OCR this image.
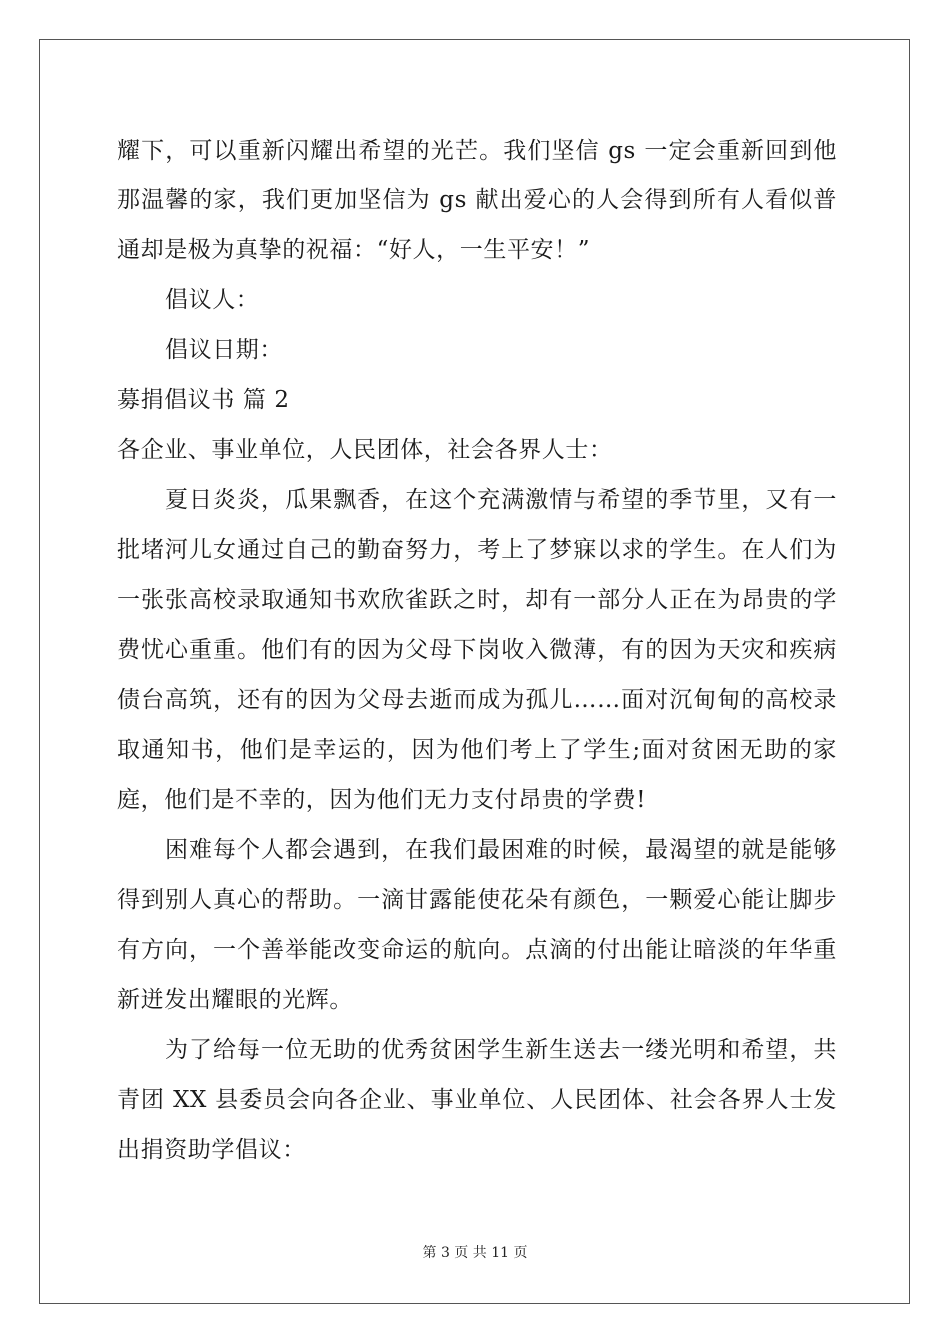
耀下，可以重新闪耀出希望的光芒。我们坚信 gs 一定会重新回到他
那温馨的家，我们更加坚信为 gs 献出爱心的人会得到所有人看似普
通却是极为真挚的祝福：“好人，一生平安！”
倡议人：
倡议日期：
募捐倡议书 篇 2
各企业、事业单位，人民团体，社会各界人士：
夏日炎炎，瓜果飘香，在这个充满激情与希望的季节里，又有一
批堵河儿女通过自己的勤奋努力，考上了梦寐以求的学生。在人们为
一张张高校录取通知书欢欣雀跃之时，却有一部分人正在为昂贵的学
费忧心重重。他们有的因为父母下岗收入微薄，有的因为天灾和疾病
债台高筑，还有的因为父母去逝而成为孤儿……面对沉甸甸的高校录
取通知书，他们是幸运的，因为他们考上了学生;面对贫困无助的家
庭，他们是不幸的，因为他们无力支付昂贵的学费!
困难每个人都会遇到，在我们最困难的时候，最渴望的就是能够
得到别人真心的帮助。一滴甘露能使花朵有颜色，一颗爱心能让脚步
有方向，一个善举能改变命运的航向。点滴的付出能让暗淡的年华重
新迸发出耀眼的光辉。
为了给每一位无助的优秀贫困学生新生送去一缕光明和希望，共
青团 XX 县委员会向各企业、事业单位、人民团体、社会各界人士发
出捐资助学倡议：
第 3 页 共 11 页
